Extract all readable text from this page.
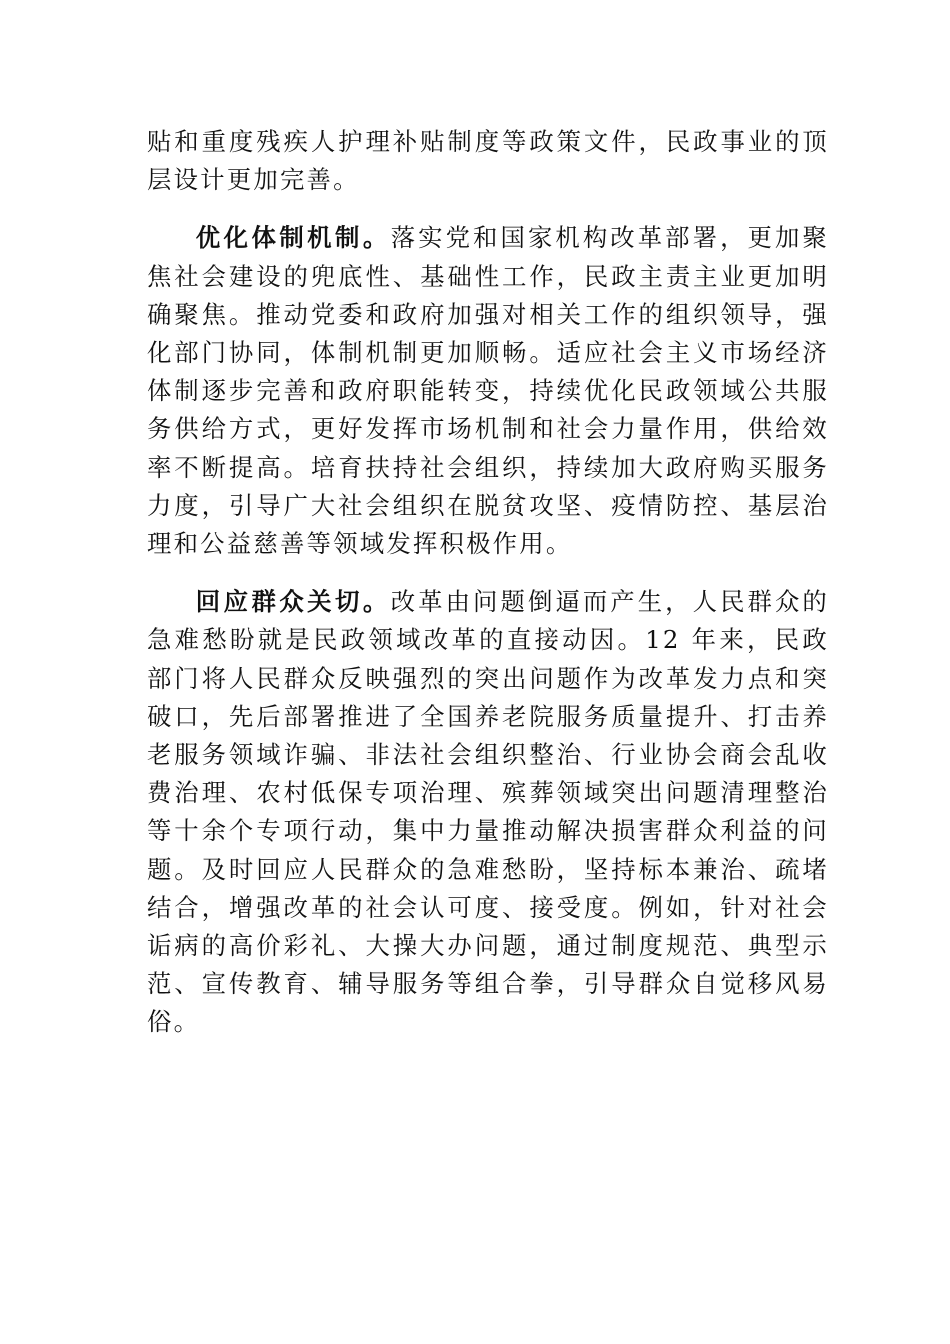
贴和重度残疾人护理补贴制度等政策文件，民政事业的顶层设计更加完善。

优化体制机制。落实党和国家机构改革部署，更加聚焦社会建设的兜底性、基础性工作，民政主责主业更加明确聚焦。推动党委和政府加强对相关工作的组织领导，强化部门协同，体制机制更加顺畅。适应社会主义市场经济体制逐步完善和政府职能转变，持续优化民政领域公共服务供给方式，更好发挥市场机制和社会力量作用，供给效率不断提高。培育扶持社会组织，持续加大政府购买服务力度，引导广大社会组织在脱贫攻坚、疫情防控、基层治理和公益慈善等领域发挥积极作用。

回应群众关切。改革由问题倒逼而产生，人民群众的急难愁盼就是民政领域改革的直接动因。12 年来，民政部门将人民群众反映强烈的突出问题作为改革发力点和突破口，先后部署推进了全国养老院服务质量提升、打击养老服务领域诈骗、非法社会组织整治、行业协会商会乱收费治理、农村低保专项治理、殡葬领域突出问题清理整治等十余个专项行动，集中力量推动解决损害群众利益的问题。及时回应人民群众的急难愁盼，坚持标本兼治、疏堵结合，增强改革的社会认可度、接受度。例如，针对社会诟病的高价彩礼、大操大办问题，通过制度规范、典型示范、宣传教育、辅导服务等组合拳，引导群众自觉移风易俗。
